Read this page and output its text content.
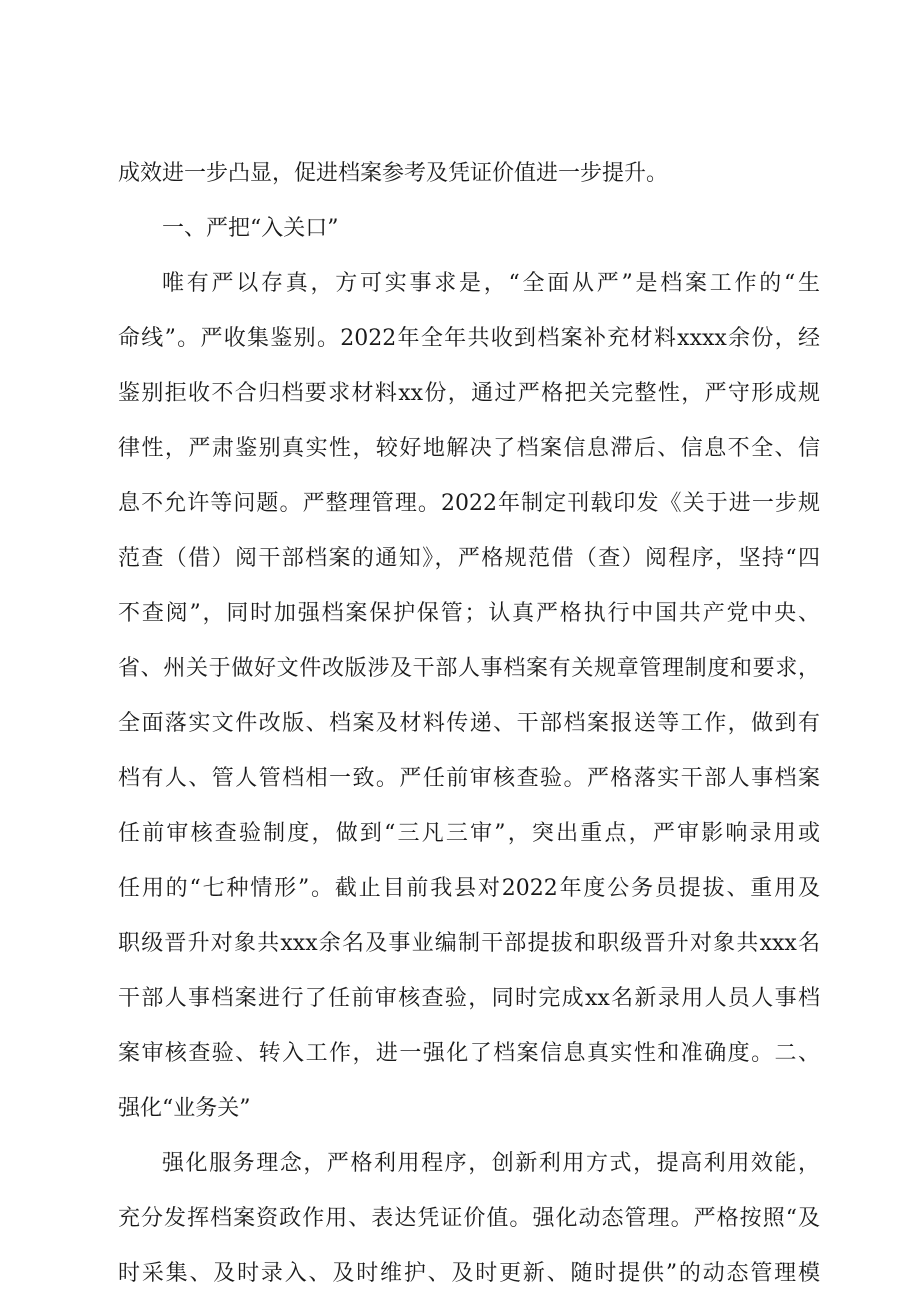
成效进一步凸显，促进档案参考及凭证价值进一步提升。
一、严把“入关口”
唯有严以存真，方可实事求是，“全面从严”是档案工作的“生
命线”。严收集鉴别。2022年全年共收到档案补充材料xxxx余份，经
鉴别拒收不合归档要求材料xx份，通过严格把关完整性，严守形成规
律性，严肃鉴别真实性，较好地解决了档案信息滞后、信息不全、信
息不允许等问题。严整理管理。2022年制定刊载印发《关于进一步规
范查（借）阅干部档案的通知》，严格规范借（查）阅程序，坚持“四
不查阅”，同时加强档案保护保管；认真严格执行中国共产党中央、
省、州关于做好文件改版涉及干部人事档案有关规章管理制度和要求，
全面落实文件改版、档案及材料传递、干部档案报送等工作，做到有
档有人、管人管档相一致。严任前审核查验。严格落实干部人事档案
任前审核查验制度，做到“三凡三审”，突出重点，严审影响录用或
任用的“七种情形”。截止目前我县对2022年度公务员提拔、重用及
职级晋升对象共xxx余名及事业编制干部提拔和职级晋升对象共xxx名
干部人事档案进行了任前审核查验，同时完成xx名新录用人员人事档
案审核查验、转入工作，进一强化了档案信息真实性和准确度。二、
强化“业务关”
强化服务理念，严格利用程序，创新利用方式，提高利用效能，
充分发挥档案资政作用、表达凭证价值。强化动态管理。严格按照“及
时采集、及时录入、及时维护、及时更新、随时提供”的动态管理模
